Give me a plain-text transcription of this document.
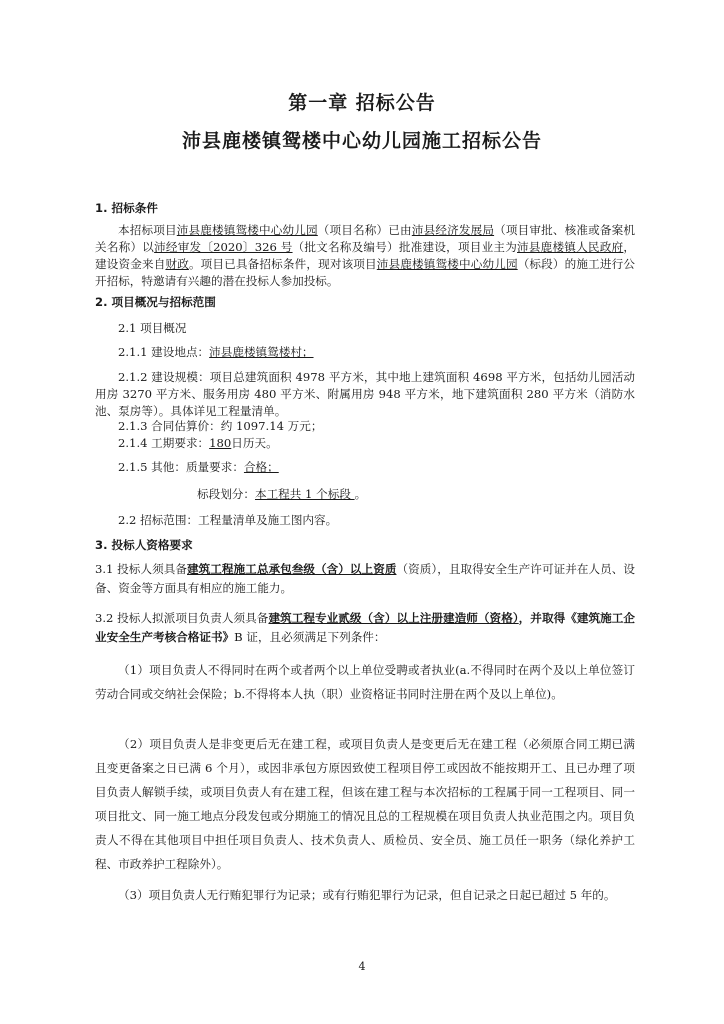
第一章 招标公告
沛县鹿楼镇鸳楼中心幼儿园施工招标公告
1. 招标条件
本招标项目沛县鹿楼镇鸳楼中心幼儿园（项目名称）已由沛县经济发展局（项目审批、核准或备案机关名称）以沛经审发〔2020〕326 号（批文名称及编号）批准建设，项目业主为沛县鹿楼镇人民政府，建设资金来自财政。项目已具备招标条件，现对该项目沛县鹿楼镇鸳楼中心幼儿园（标段）的施工进行公开招标，特邀请有兴趣的潜在投标人参加投标。
2. 项目概况与招标范围
2.1 项目概况
2.1.1 建设地点：沛县鹿楼镇鸳楼村；
2.1.2 建设规模：项目总建筑面积 4978 平方米，其中地上建筑面积 4698 平方米，包括幼儿园活动用房 3270 平方米、服务用房 480 平方米、附属用房 948 平方米，地下建筑面积 280 平方米（消防水池、泵房等）。具体详见工程量清单。
2.1.3 合同估算价：约 1097.14 万元；
2.1.4 工期要求：180日历天。
2.1.5 其他：质量要求：合格；
标段划分：本工程共 1 个标段 。
2.2 招标范围：工程量清单及施工图内容。
3. 投标人资格要求
3.1 投标人须具备建筑工程施工总承包叁级（含）以上资质（资质），且取得安全生产许可证并在人员、设备、资金等方面具有相应的施工能力。
3.2 投标人拟派项目负责人须具备建筑工程专业贰级（含）以上注册建造师（资格），并取得《建筑施工企业安全生产考核合格证书》B 证，且必须满足下列条件：
（1）项目负责人不得同时在两个或者两个以上单位受聘或者执业(a.不得同时在两个及以上单位签订劳动合同或交纳社会保险；b.不得将本人执（职）业资格证书同时注册在两个及以上单位)。
（2）项目负责人是非变更后无在建工程，或项目负责人是变更后无在建工程（必须原合同工期已满且变更备案之日已满 6 个月），或因非承包方原因致使工程项目停工或因故不能按期开工、且已办理了项目负责人解锁手续，或项目负责人有在建工程，但该在建工程与本次招标的工程属于同一工程项目、同一项目批文、同一施工地点分段发包或分期施工的情况且总的工程规模在项目负责人执业范围之内。项目负责人不得在其他项目中担任项目负责人、技术负责人、质检员、安全员、施工员任一职务（绿化养护工程、市政养护工程除外）。
（3）项目负责人无行贿犯罪行为记录；或有行贿犯罪行为记录，但自记录之日起已超过 5 年的。
4
